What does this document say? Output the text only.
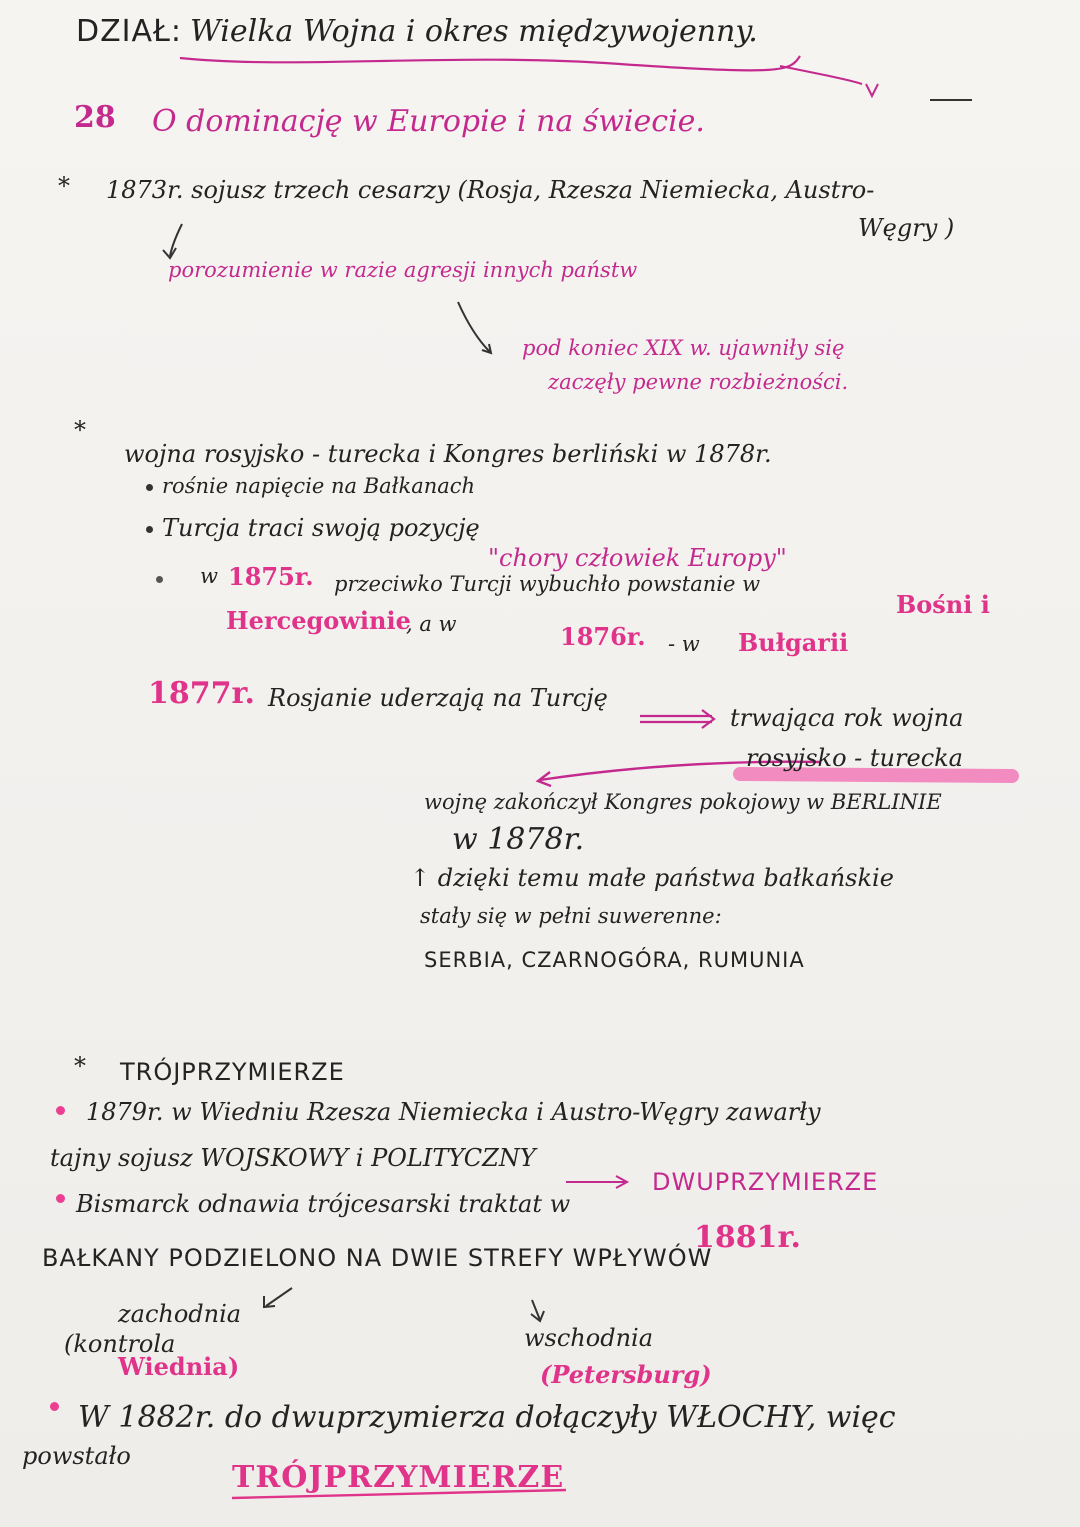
DZIAŁ: Wielka Wojna i okres międzywojenny.
28 O dominację w Europie i na świecie.
* 1873r. sojusz trzech cesarzy (Rosja, Rzesza Niemiecka, Austro-
Węgry )
porozumienie w razie agresji innych państw
pod koniec XIX w. ujawniły się
zaczęły pewne rozbieżności.
*
wojna rosyjsko - turecka i Kongres berliński w 1878r.
rośnie napięcie na Bałkanach
Turcja traci swoją pozycję
"chory człowiek Europy"
w 1875r. przeciwko Turcji wybuchło powstanie w
Bośni i
Hercegowinie
, a w	1876r. - w Bułgarii
1877r. Rosjanie uderzają na Turcję
trwająca rok wojna
rosyjsko - turecka
wojnę zakończył Kongres pokojowy w BERLINIE
w 1878r.
↑ dzięki temu małe państwa bałkańskie
stały się w pełni suwerenne:
SERBIA, CZARNOGÓRA, RUMUNIA
* TRÓJPRZYMIERZE
1879r. w Wiedniu Rzesza Niemiecka i Austro-Węgry zawarły
tajny sojusz WOJSKOWY i POLITYCZNY
DWUPRZYMIERZE
Bismarck odnawia trójcesarski traktat w
1881r.
BAŁKANY PODZIELONO NA DWIE STREFY WPŁYWÓW
zachodnia
(kontrola
Wiednia)
wschodnia
(Petersburg)
W 1882r. do dwuprzymierza dołączyły WŁOCHY, więc
powstało
TRÓJPRZYMIERZE
